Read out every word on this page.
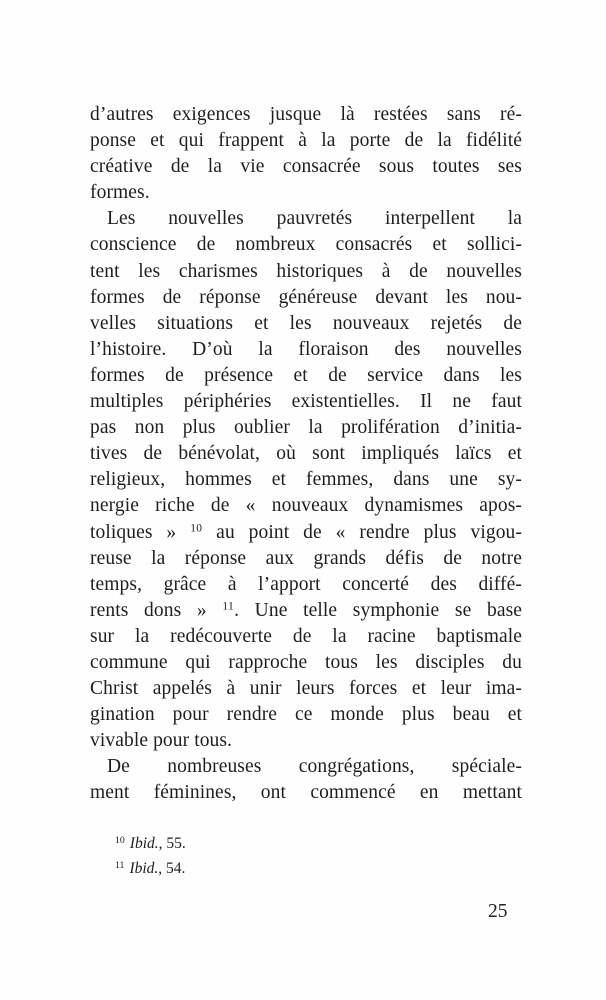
d’autres exigences jusque là restées sans ré-
ponse et qui frappent à la porte de la fidélité
créative de la vie consacrée sous toutes ses
formes.

Les nouvelles pauvretés interpellent la
conscience de nombreux consacrés et sollici-
tent les charismes historiques à de nouvelles
formes de réponse généreuse devant les nou-
velles situations et les nouveaux rejetés de
l’histoire. D’où la floraison des nouvelles
formes de présence et de service dans les
multiples périphéries existentielles. Il ne faut
pas non plus oublier la prolifération d’initia-
tives de bénévolat, où sont impliqués laïcs et
religieux, hommes et femmes, dans une sy-
nergie riche de « nouveaux dynamismes apos-
toliques » $^{10}$ au point de « rendre plus vigou-
reuse la réponse aux grands défis de notre
temps, grâce à l’apport concerté des diffé-
rents dons » $^{11}$. Une telle symphonie se base
sur la redécouverte de la racine baptismale
commune qui rapproche tous les disciples du
Christ appelés à unir leurs forces et leur ima-
gination pour rendre ce monde plus beau et
vivable pour tous.

De nombreuses congrégations, spéciale-
ment féminines, ont commencé en mettant

$^{10}$ Ibid., 55.
$^{11}$ Ibid., 54.
25
